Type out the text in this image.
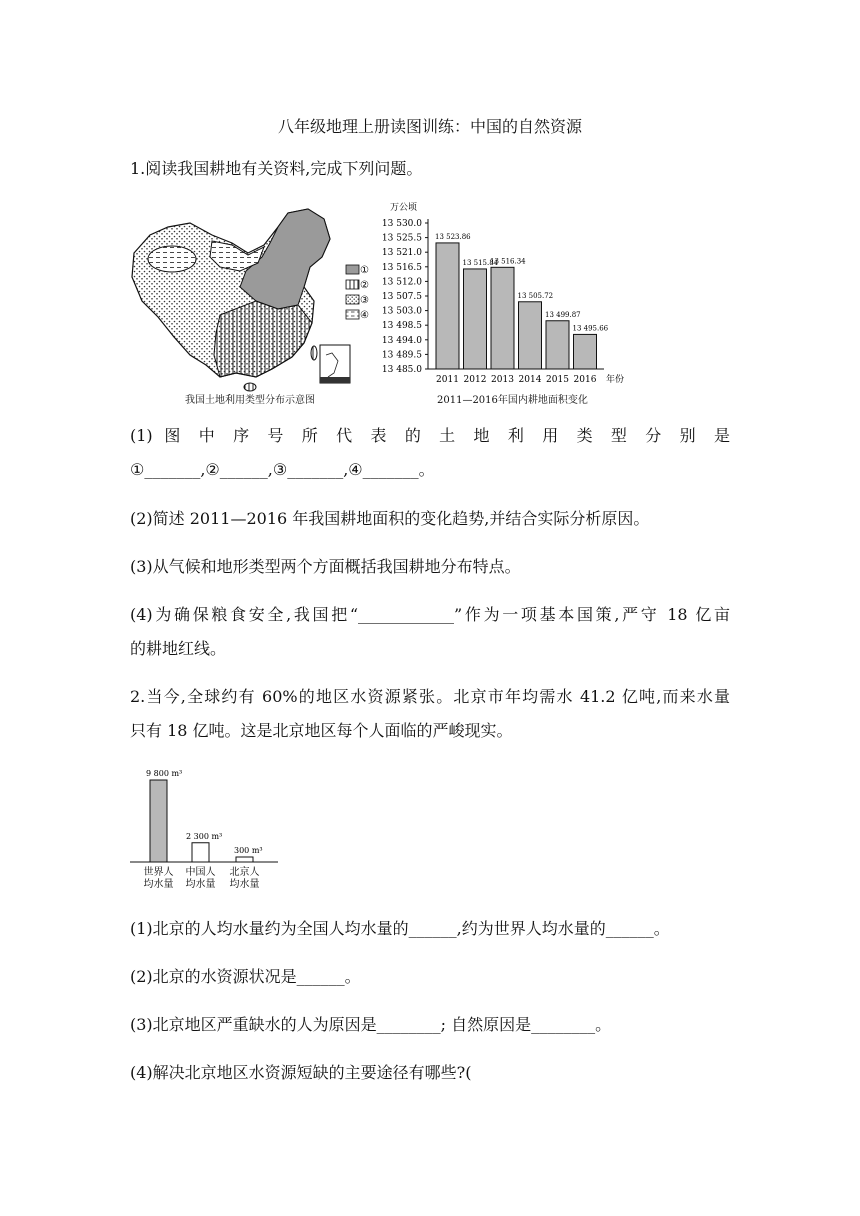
八年级地理上册读图训练：中国的自然资源
1.阅读我国耕地有关资料,完成下列问题。
我国土地利用类型分布示意图
①
②
③
④
万公顷
13 485.0
13 489.5
13 494.0
13 498.5
13 503.0
13 507.5
13 512.0
13 516.5
13 521.0
13 525.5
13 530.0
13 523.86
2011
13 515.84
2012
13 516.34
2013
13 505.72
2014
13 499.87
2015
13 495.66
2016 年份
2011—2016年国内耕地面积变化
(1) 图 中 序 号 所 代 表 的 土 地 利 用 类 型 分 别 是
①_______,②______,③_______,④_______。
(2)简述 2011—2016 年我国耕地面积的变化趋势,并结合实际分析原因。
(3)从气候和地形类型两个方面概括我国耕地分布特点。
(4)为确保粮食安全,我国把“____________”作为一项基本国策,严守 18 亿亩
的耕地红线。
2.当今,全球约有 60%的地区水资源紧张。北京市年均需水 41.2 亿吨,而来水量
只有 18 亿吨。这是北京地区每个人面临的严峻现实。
9 800 m³
世界人
均水量
2 300 m³
中国人
均水量
300 m³
北京人
均水量
(1)北京的人均水量约为全国人均水量的______,约为世界人均水量的______。
(2)北京的水资源状况是______。
(3)北京地区严重缺水的人为原因是________; 自然原因是________。
(4)解决北京地区水资源短缺的主要途径有哪些?(
